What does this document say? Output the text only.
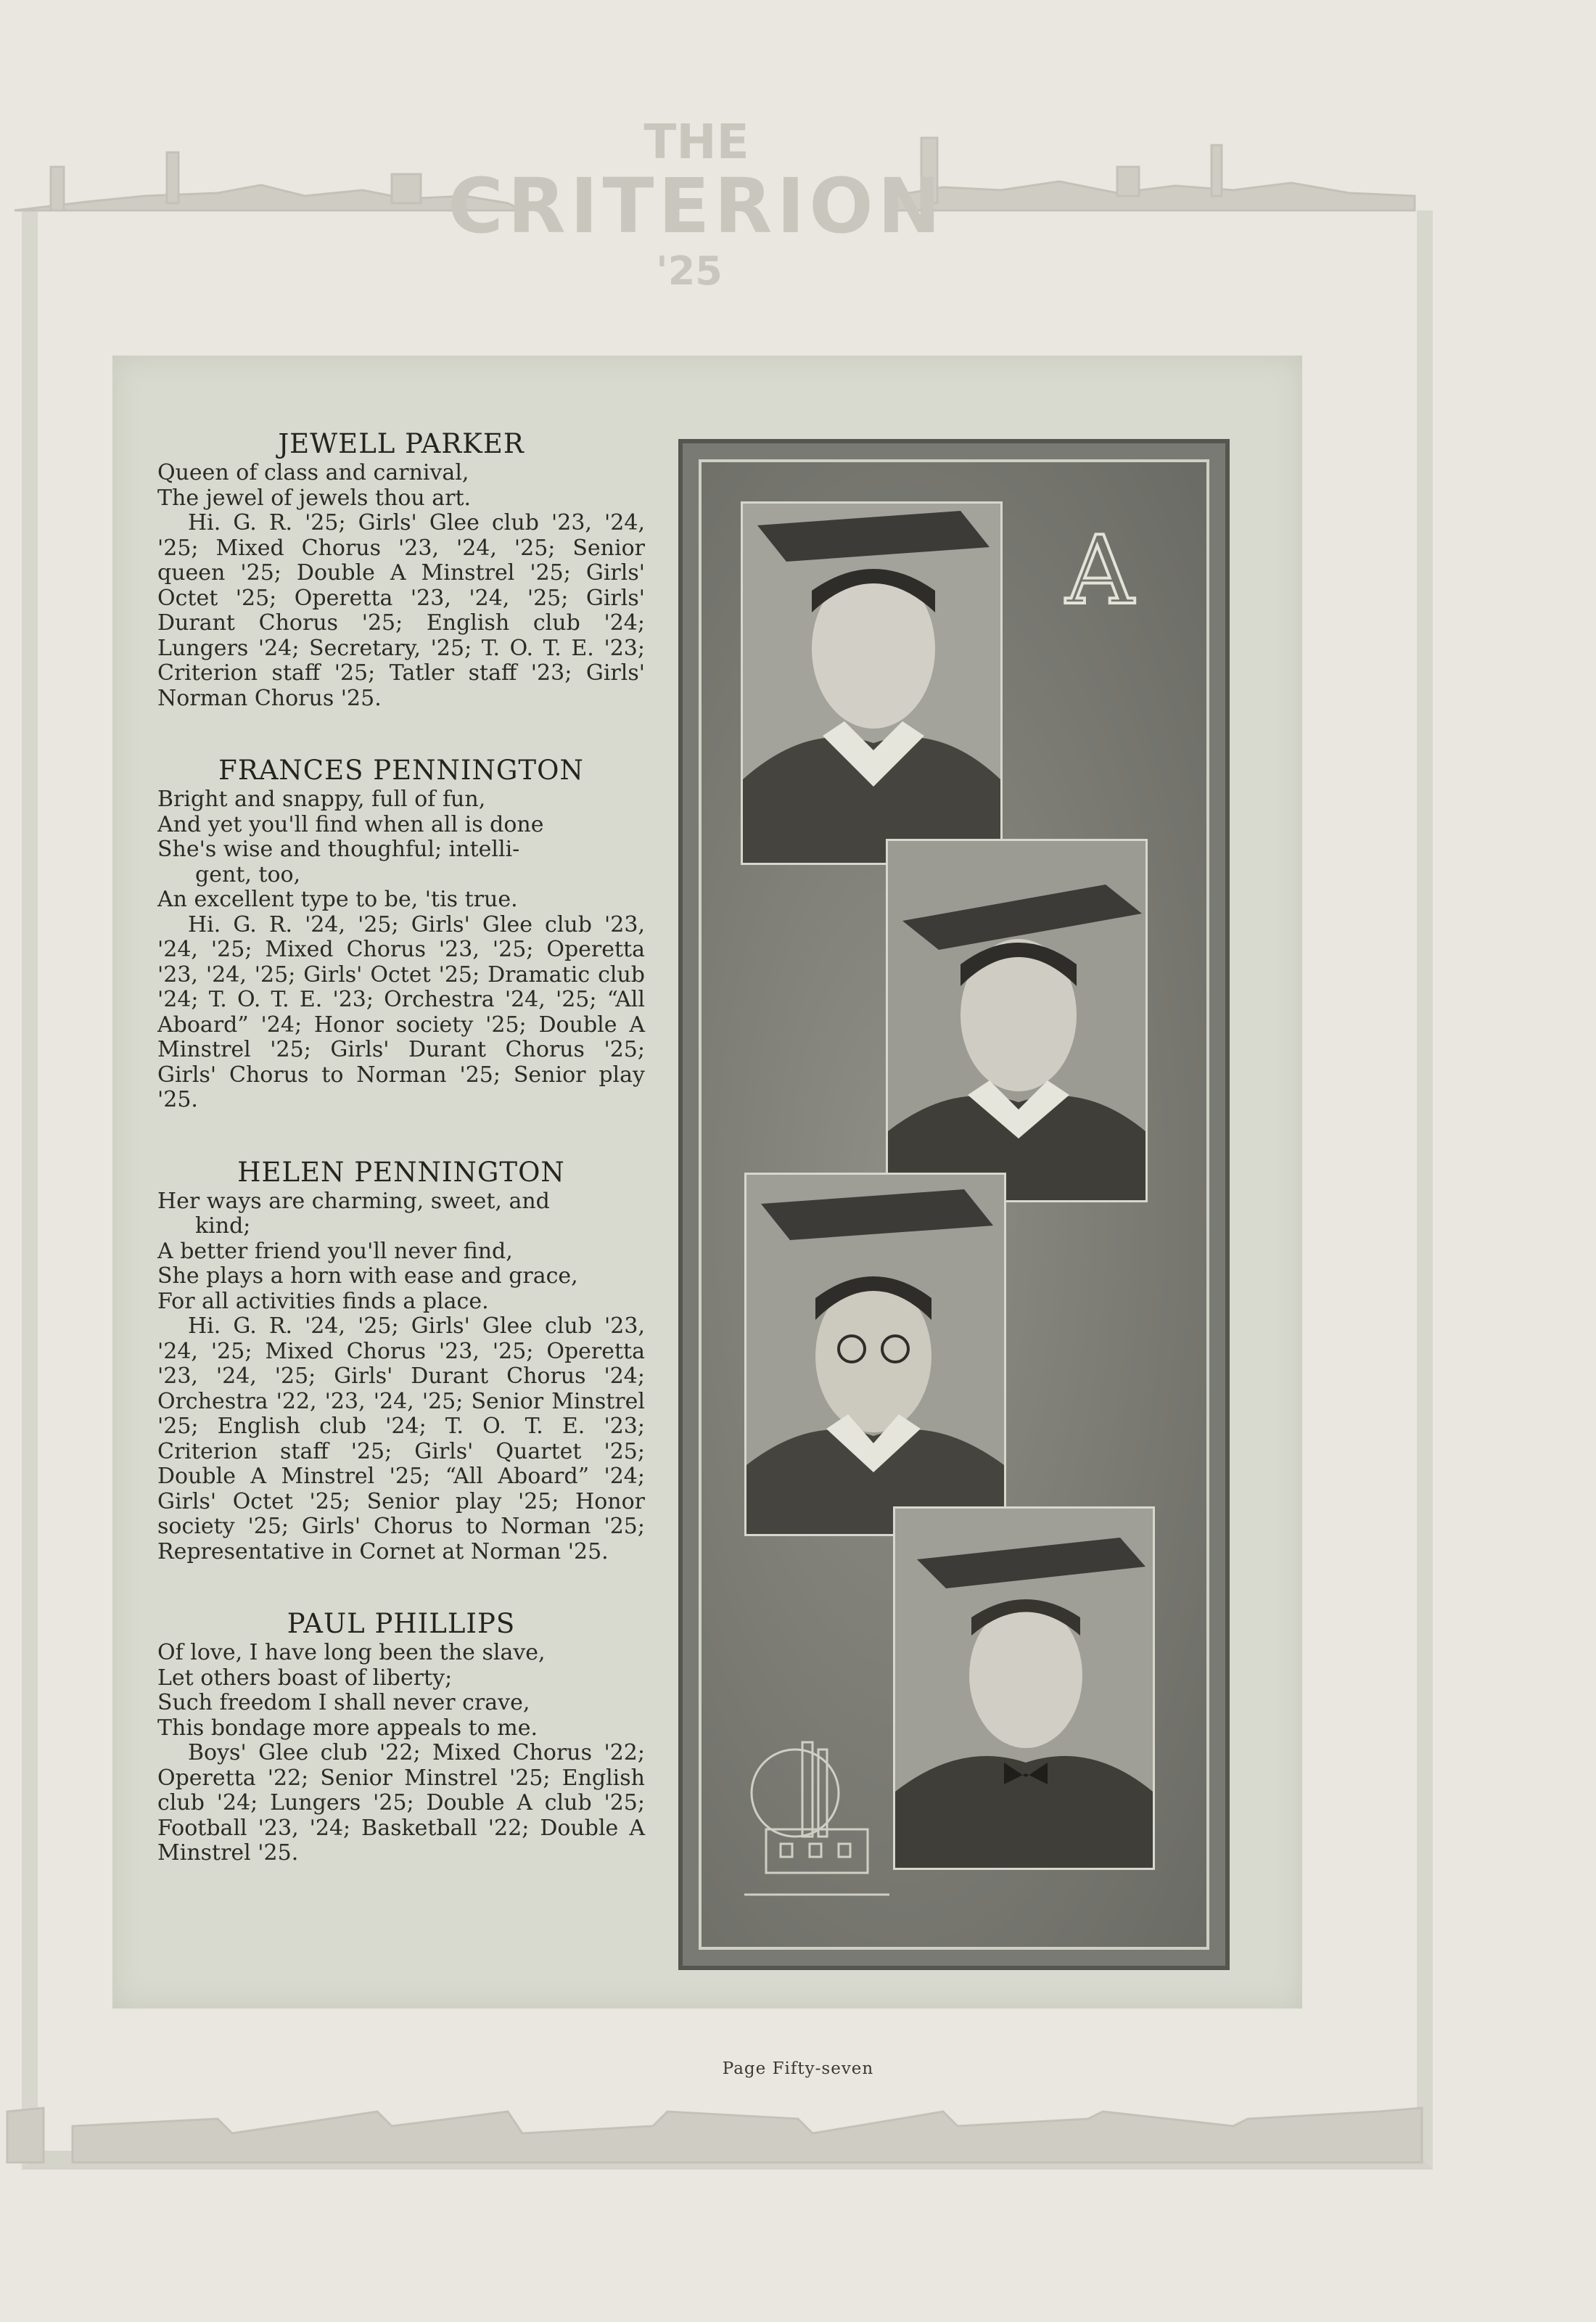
THE
CRITERION
'25
JEWELL PARKER
Queen of class and carnival,
The jewel of jewels thou art.

Hi. G. R. '25; Girls' Glee club '23, '24, '25; Mixed Chorus '23, '24, '25; Senior queen '25; Double A Minstrel '25; Girls' Octet '25; Operetta '23, '24, '25; Girls' Durant Chorus '25; English club '24; Lungers '24; Secretary, '25; T. O. T. E. '23; Criterion staff '25; Tatler staff '23; Girls' Norman Chorus '25.

FRANCES PENNINGTON
Bright and snappy, full of fun,
And yet you'll find when all is done
She's wise and thoughful; intelli-
gent, too,
An excellent type to be, 'tis true.

Hi. G. R. '24, '25; Girls' Glee club '23, '24, '25; Mixed Chorus '23, '25; Operetta '23, '24, '25; Girls' Octet '25; Dramatic club '24; T. O. T. E. '23; Orchestra '24, '25; “All Aboard” '24; Honor society '25; Double A Minstrel '25; Girls' Durant Chorus '25; Girls' Chorus to Norman '25; Senior play '25.

HELEN PENNINGTON
Her ways are charming, sweet, and
kind;
A better friend you'll never find,
She plays a horn with ease and grace,
For all activities finds a place.

Hi. G. R. '24, '25; Girls' Glee club '23, '24, '25; Mixed Chorus '23, '25; Operetta '23, '24, '25; Girls' Durant Chorus '24; Orchestra '22, '23, '24, '25; Senior Minstrel '25; English club '24; T. O. T. E. '23; Criterion staff '25; Girls' Quartet '25; Double A Minstrel '25; “All Aboard” '24; Girls' Octet '25; Senior play '25; Honor society '25; Girls' Chorus to Norman '25; Representative in Cornet at Norman '25.

PAUL PHILLIPS
Of love, I have long been the slave,
Let others boast of liberty;
Such freedom I shall never crave,
This bondage more appeals to me.

Boys' Glee club '22; Mixed Chorus '22; Operetta '22; Senior Minstrel '25; English club '24; Lungers '25; Double A club '25; Football '23, '24; Basketball '22; Double A Minstrel '25.

A
Page Fifty-seven
